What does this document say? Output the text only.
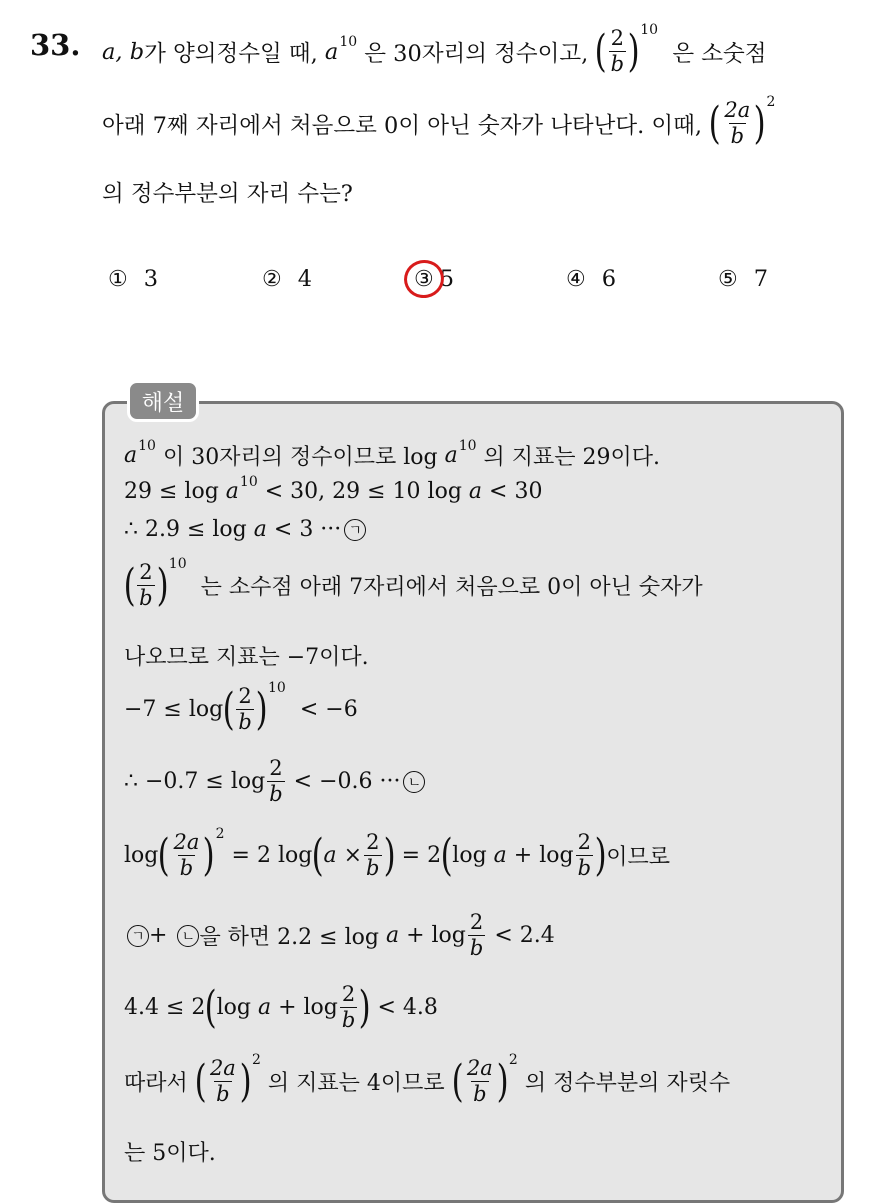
33. a, b 가 양의정수일 때,
a 10
은 30자리의 정수이고,
( $\frac{2}{b}$ ) 10

은 소숫점
아래 7째 자리에서 처음으로 0이 아닌 숫자가 나타난다. 이때,
( $\frac{2a}{b}$ ) 2
의 정수부분의 자리 수는?
① 3	② 4	③ 5	④ 6	⑤ 7
해설
a 10
이 30자리의 정수이므로 log
a 10
의 지표는 29이다.
29 ≤ log
a 10
< 30, 29 ≤ 10 log
a
< 30
∴ 2.9 ≤ log
a
< 3 ··· ㄱ
( $\frac{2}{b}$ ) 10

는 소수점 아래 7자리에서 처음으로 0이 아닌 숫자가
나오므로 지표는 −7이다.
−7 ≤ log ( $\frac{2}{b}$ ) 10

< −6
∴ $-0.7 \le \log \frac{2}{b}$
< −0.6 ··· ㄴ
log ( $\frac{2a}{b}$ ) 2

= 2 log ( a
× $\frac{2}{b}$ )
= 2 ( log
a
+ $\log \frac{2}{b}$ ) 이므로
ㄱ +
	ㄴ 을 하면 2.2 ≤ log
a
+ $\log \frac{2}{b}$
< 2.4
4.4 ≤ 2 ( log
a
+ $\log \frac{2}{b}$ )
< 4.8
따라서
( $\frac{2a}{b}$ ) 2

의 지표는 4이므로
( $\frac{2a}{b}$ ) 2

의 정수부분의 자릿수
는 5이다.
